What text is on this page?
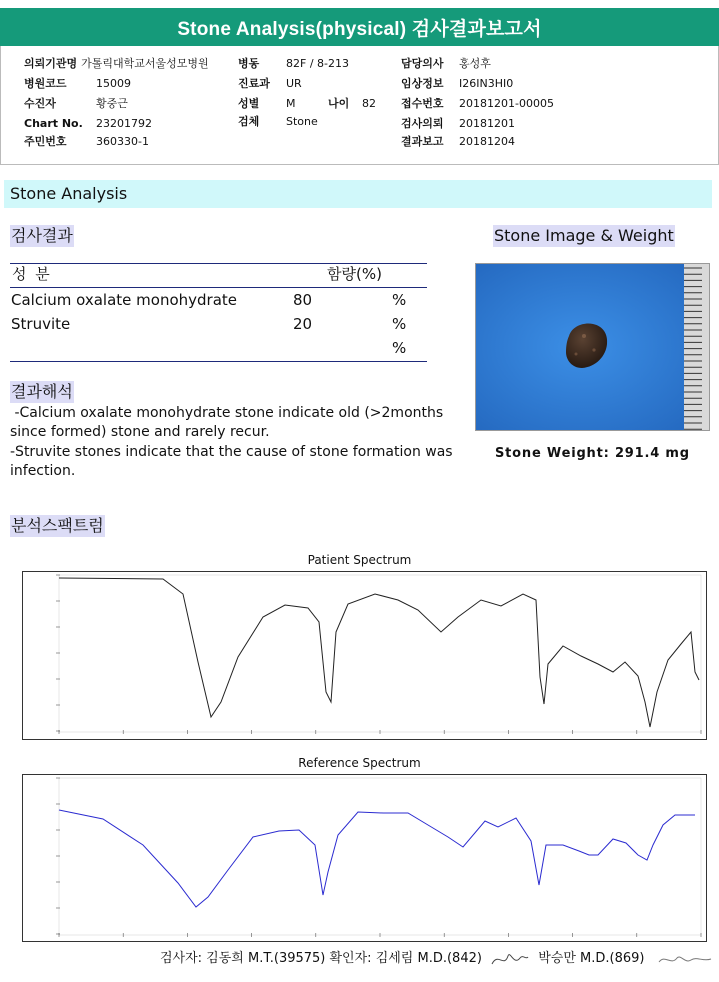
Stone Analysis(physical) 검사결과보고서
의뢰기관명 가톨릭대학교서울성모병원
병원코드	15009
수진자	황중근
Chart No. 23201792
주민번호	360330-1
병동 82F / 8-213
진료과 UR
성별 M	나이 82
검체 Stone
담당의사 홍성후
임상정보 I26IN3HI0
접수번호 20181201-00005
검사의뢰 20181201
결과보고 20181204
Stone Analysis
검사결과
성 분	함량(%)
Calcium oxalate monohydrate	80	%
Struvite	20	%
%
결과해석
-Calcium oxalate monohydrate stone indicate old (>2months since formed) stone and rarely recur.
-Struvite stones indicate that the cause of stone formation was infection.
Stone Image & Weight
Stone Weight: 291.4 mg
분석스팩트럼
Patient Spectrum
Reference Spectrum
검사자: 김동희 M.T.(39575) 확인자: 김세림 M.D.(842)	박승만 M.D.(869)
